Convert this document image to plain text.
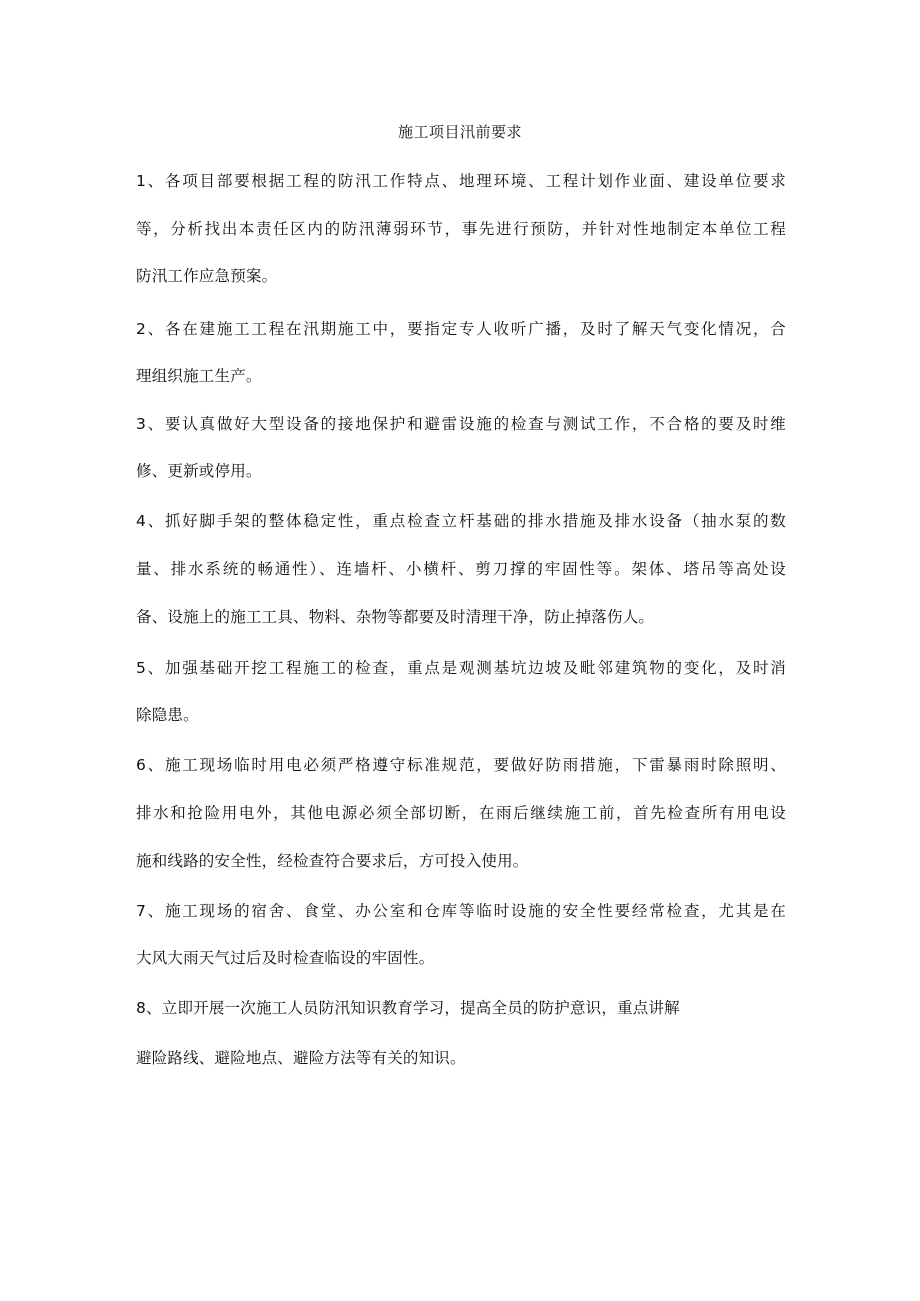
施工项目汛前要求
1、各项目部要根据工程的防汛工作特点、地理环境、工程计划作业面、建设单位要求
等，分析找出本责任区内的防汛薄弱环节，事先进行预防，并针对性地制定本单位工程
防汛工作应急预案。
2、各在建施工工程在汛期施工中，要指定专人收听广播，及时了解天气变化情况，合
理组织施工生产。
3、要认真做好大型设备的接地保护和避雷设施的检查与测试工作，不合格的要及时维
修、更新或停用。
4、抓好脚手架的整体稳定性，重点检查立杆基础的排水措施及排水设备（抽水泵的数
量、排水系统的畅通性）、连墙杆、小横杆、剪刀撑的牢固性等。架体、塔吊等高处设
备、设施上的施工工具、物料、杂物等都要及时清理干净，防止掉落伤人。
5、加强基础开挖工程施工的检查，重点是观测基坑边坡及毗邻建筑物的变化，及时消
除隐患。
6、施工现场临时用电必须严格遵守标准规范，要做好防雨措施，下雷暴雨时除照明、
排水和抢险用电外，其他电源必须全部切断，在雨后继续施工前，首先检查所有用电设
施和线路的安全性，经检查符合要求后，方可投入使用。
7、施工现场的宿舍、食堂、办公室和仓库等临时设施的安全性要经常检查，尤其是在
大风大雨天气过后及时检查临设的牢固性。
8、立即开展一次施工人员防汛知识教育学习，提高全员的防护意识，重点讲解
避险路线、避险地点、避险方法等有关的知识。
